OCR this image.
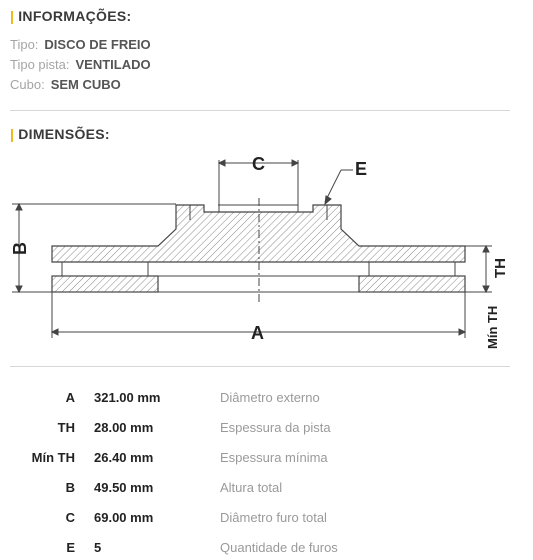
| INFORMAÇÕES:
Tipo: DISCO DE FREIO
Tipo pista: VENTILADO
Cubo: SEM CUBO
| DIMENSÕES:
C	E
B
TH
Mín TH
A
A 321.00 mm	Diâmetro externo
TH 28.00 mm	Espessura da pista
Mín TH 26.40 mm	Espessura mínima
B 49.50 mm	Altura total
C 69.00 mm	Diâmetro furo total
E 5	Quantidade de furos
